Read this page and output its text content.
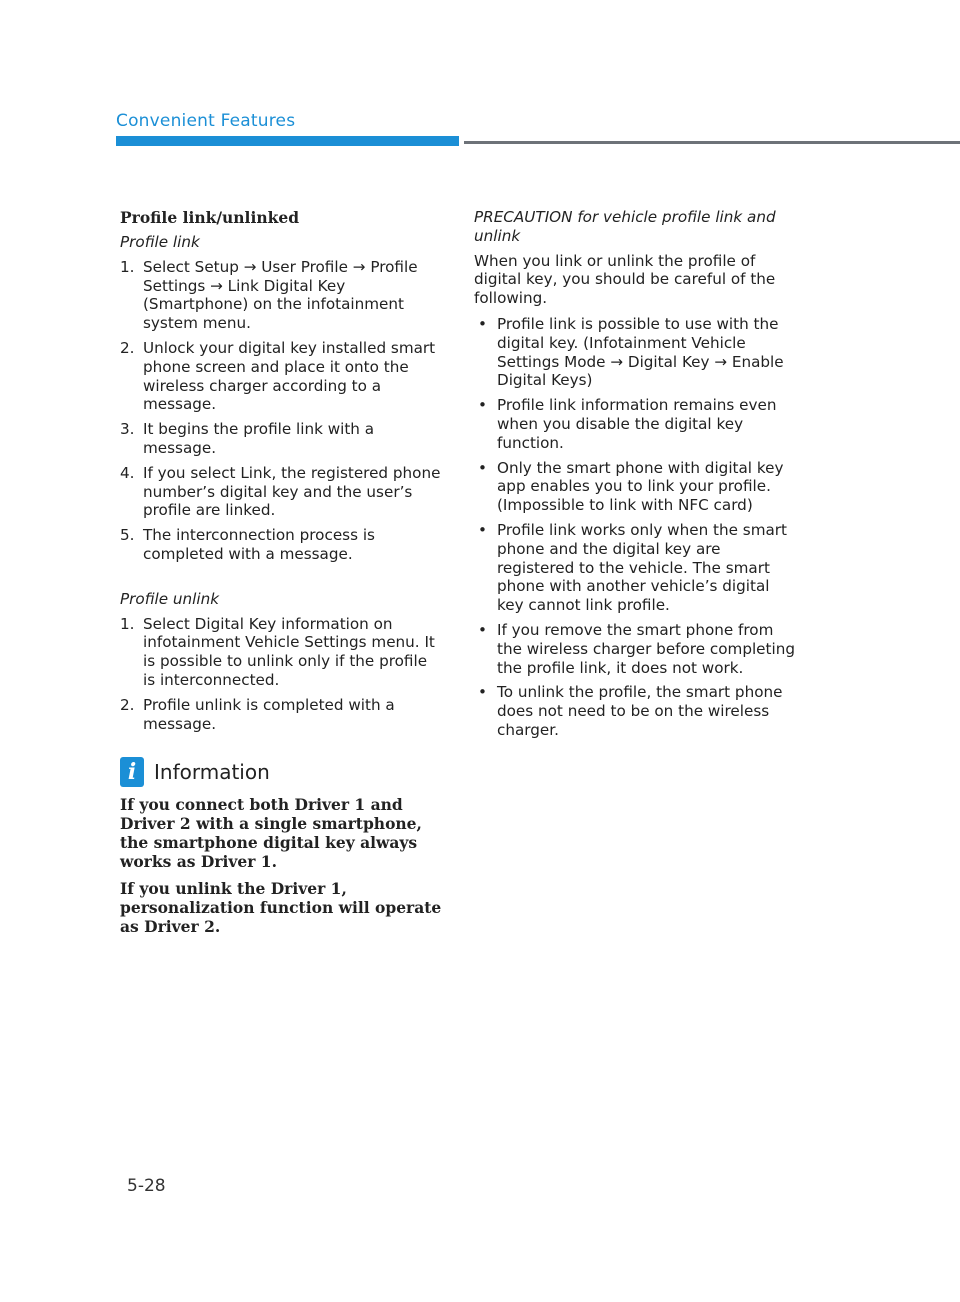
Convenient Features
Profile link/unlinked
Profile link
1. Select Setup → User Profile → Profile Settings → Link Digital Key (Smartphone) on the infotainment system menu.
2. Unlock your digital key installed smart phone screen and place it onto the wireless charger according to a message.
3. It begins the profile link with a message.
4. If you select Link, the registered phone number’s digital key and the user’s profile are linked.
5. The interconnection process is completed with a message.
Profile unlink
1. Select Digital Key information on infotainment Vehicle Settings menu. It is possible to unlink only if the profile is interconnected.
2. Profile unlink is completed with a message.
i Information

If you connect both Driver 1 and Driver 2 with a single smartphone, the smartphone digital key always works as Driver 1.

If you unlink the Driver 1, personalization function will operate as Driver 2.

PRECAUTION for vehicle profile link and unlink

When you link or unlink the profile of digital key, you should be careful of the following.

• Profile link is possible to use with the digital key. (Infotainment Vehicle Settings Mode → Digital Key → Enable Digital Keys)
• Profile link information remains even when you disable the digital key function.
• Only the smart phone with digital key app enables you to link your profile. (Impossible to link with NFC card)
• Profile link works only when the smart phone and the digital key are registered to the vehicle. The smart phone with another vehicle’s digital key cannot link profile.
• If you remove the smart phone from the wireless charger before completing the profile link, it does not work.
• To unlink the profile, the smart phone does not need to be on the wireless charger.
5-28
